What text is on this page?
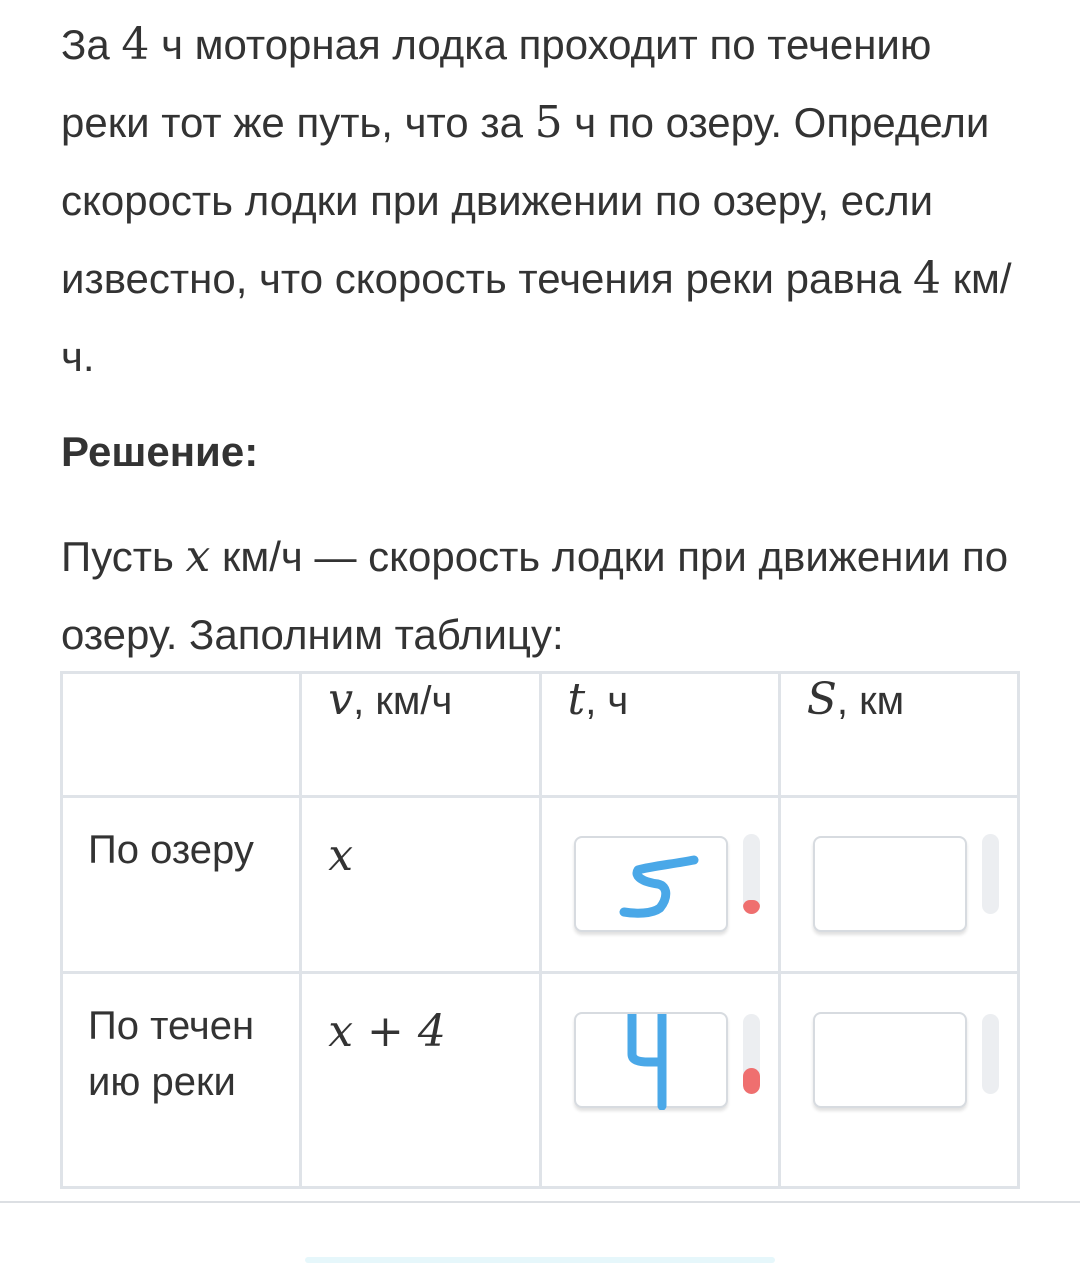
За 4 ч моторная лодка проходит по течению реки тот же путь, что за 5 ч по озеру. Определи скорость лодки при движении по озеру, если известно, что скорость течения реки равна 4 км/ч.
Решение:
Пусть x км/ч — скорость лодки при движении по озеру. Заполним таблицу:
	v, км/ч	t, ч	S, км

По озеру	x

По течению реки	x + 4
